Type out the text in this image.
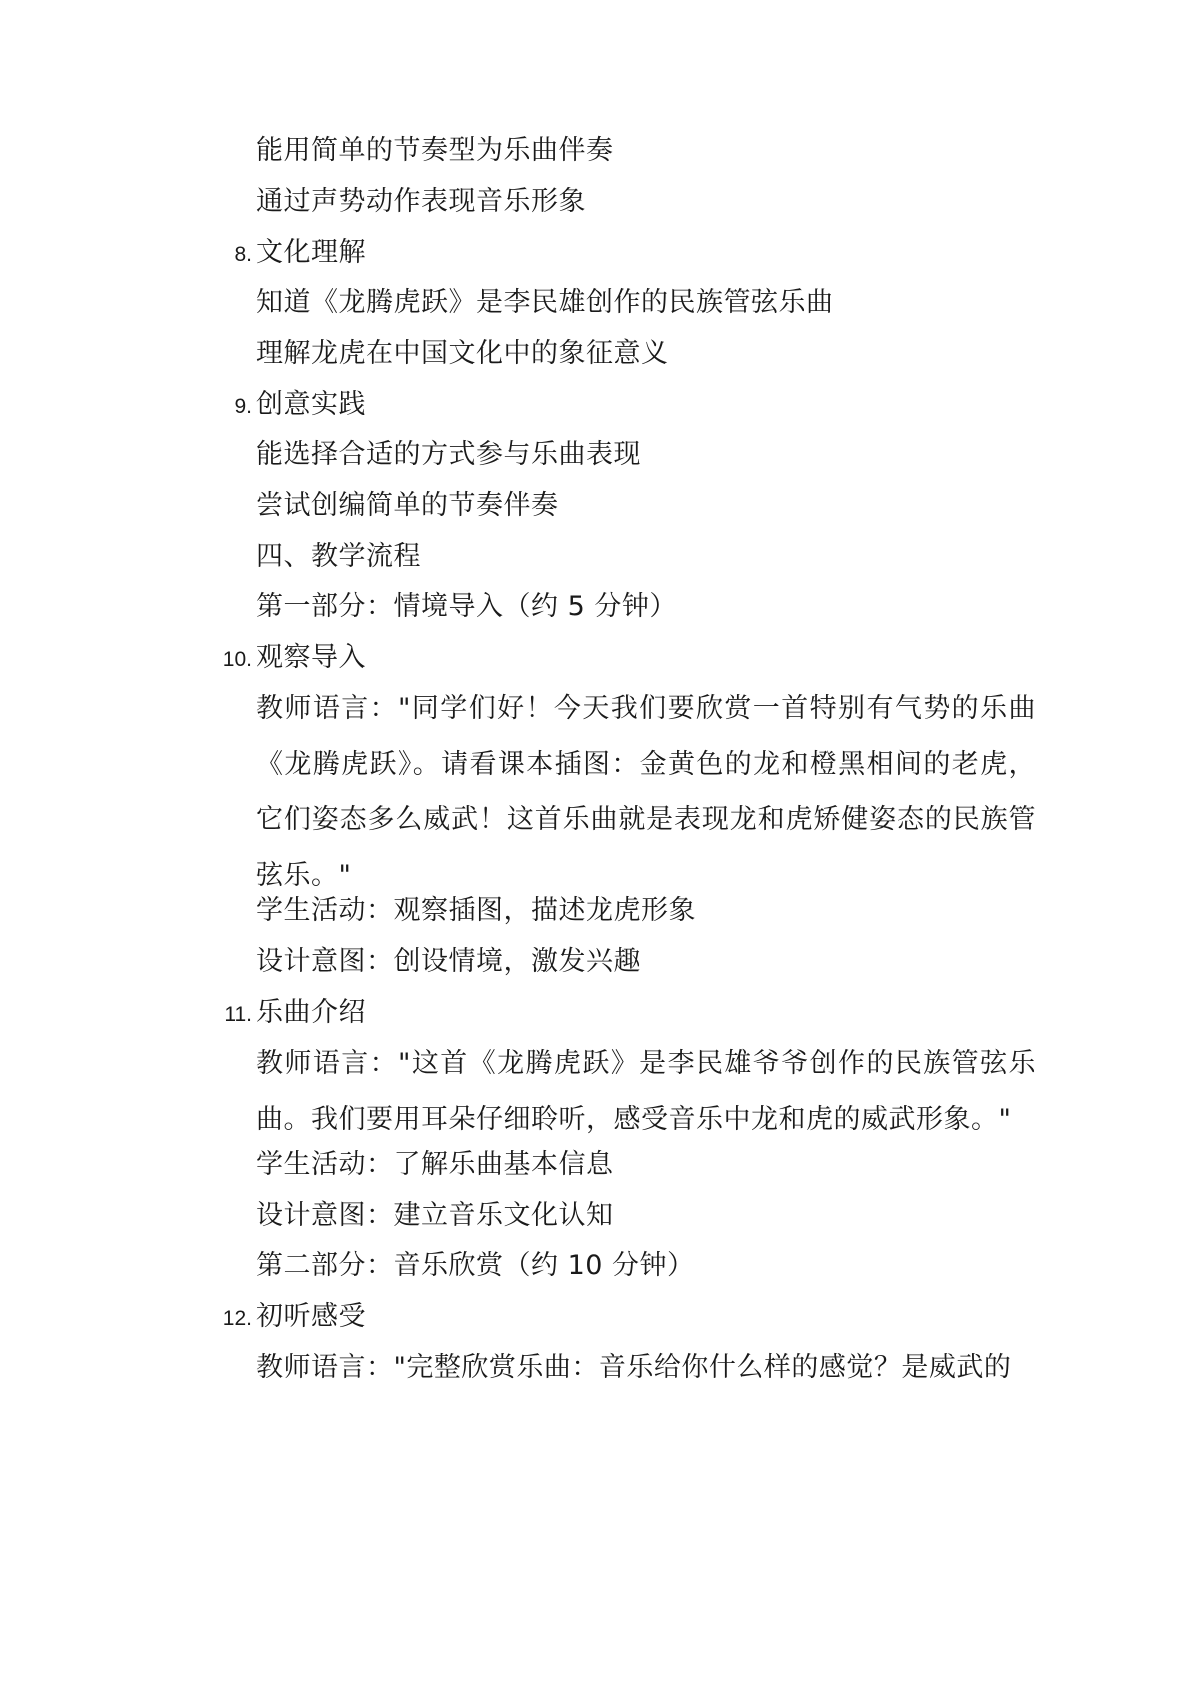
能用简单的节奏型为乐曲伴奏
通过声势动作表现音乐形象
8. 文化理解
知道《龙腾虎跃》是李民雄创作的民族管弦乐曲
理解龙虎在中国文化中的象征意义
9. 创意实践
能选择合适的方式参与乐曲表现
尝试创编简单的节奏伴奏
四、教学流程
第一部分：情境导入（约 5 分钟）
10. 观察导入
教师语言："同学们好！今天我们要欣赏一首特别有气势的乐曲《龙腾虎跃》。请看课本插图：金黄色的龙和橙黑相间的老虎，它们姿态多么威武！这首乐曲就是表现龙和虎矫健姿态的民族管弦乐。"
学生活动：观察插图，描述龙虎形象
设计意图：创设情境，激发兴趣
11. 乐曲介绍
教师语言："这首《龙腾虎跃》是李民雄爷爷创作的民族管弦乐曲。我们要用耳朵仔细聆听，感受音乐中龙和虎的威武形象。"
学生活动：了解乐曲基本信息
设计意图：建立音乐文化认知
第二部分：音乐欣赏（约 10 分钟）
12. 初听感受
教师语言："完整欣赏乐曲：音乐给你什么样的感觉？是威武的
